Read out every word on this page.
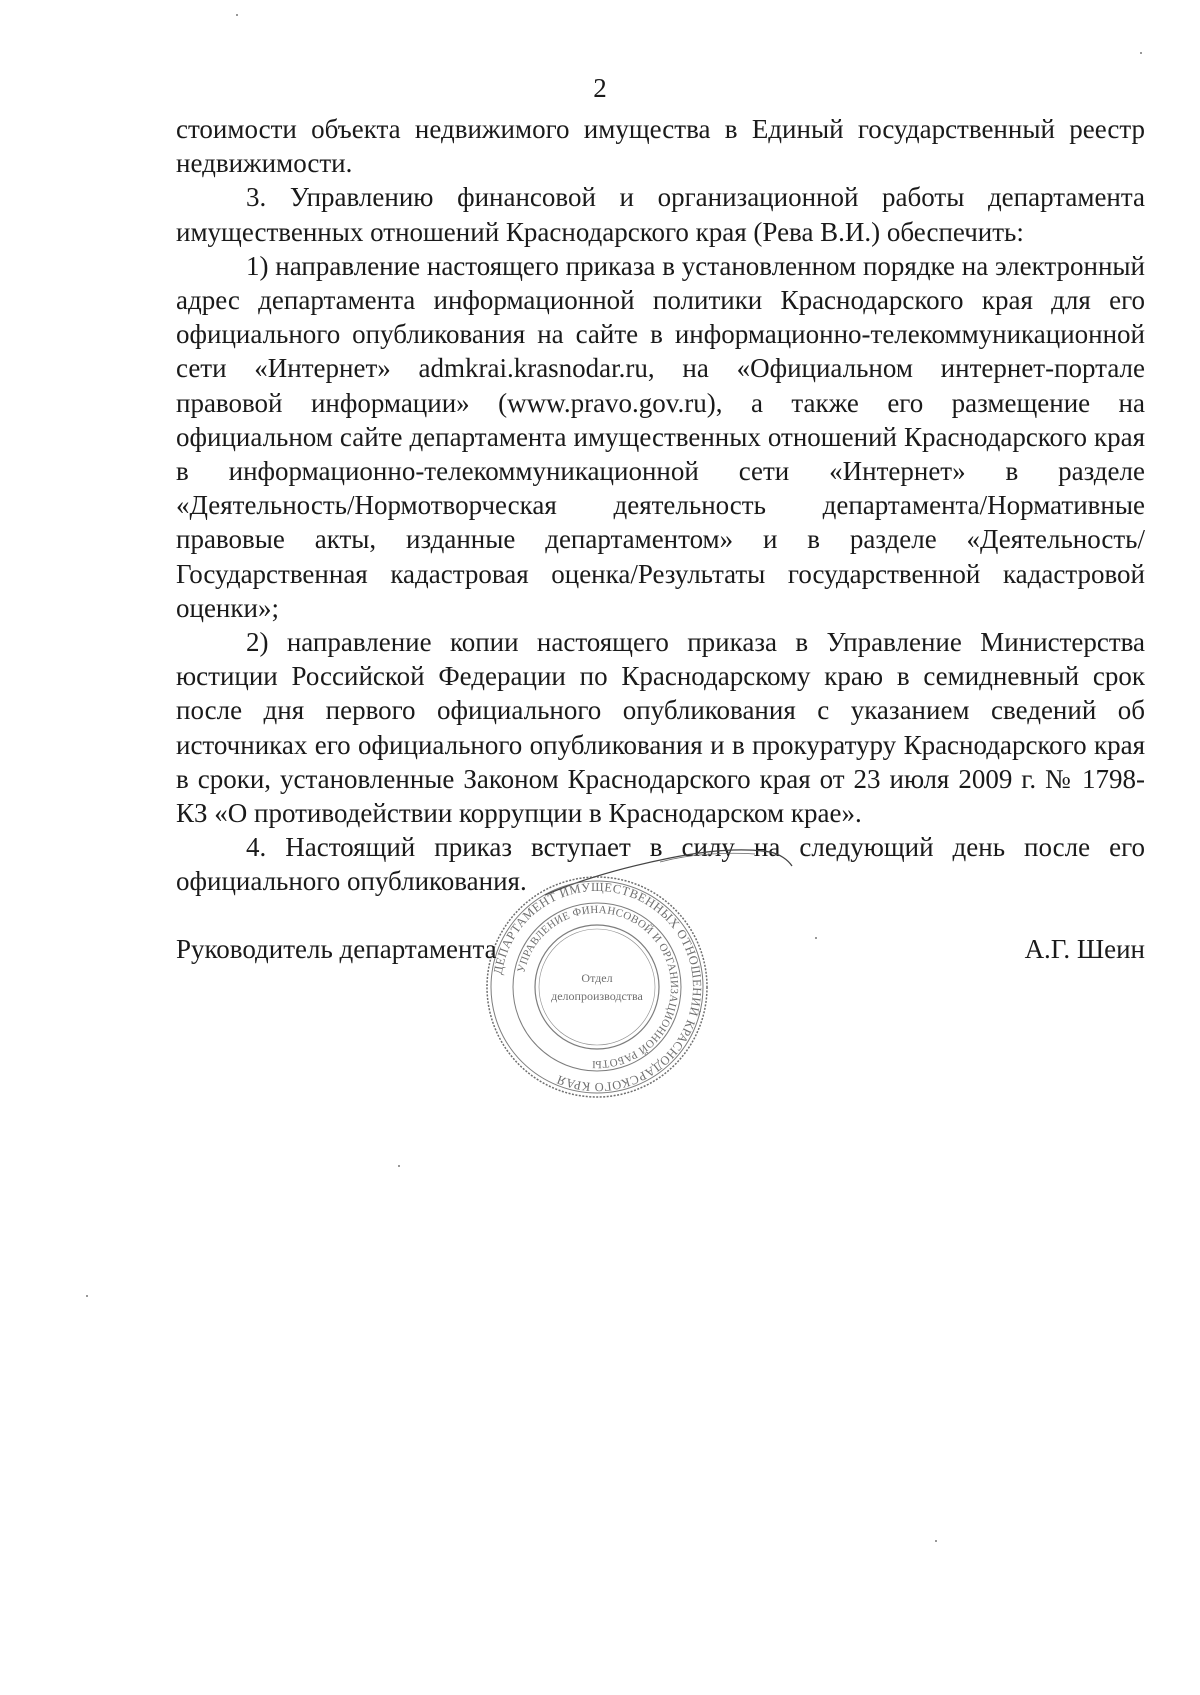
2

стоимости объекта недвижимого имущества в Единый государственный реестр недвижимости.

3. Управлению финансовой и организационной работы департамента имущественных отношений Краснодарского края (Рева В.И.) обеспечить:

1) направление настоящего приказа в установленном порядке на электронный адрес департамента информационной политики Краснодарского края для его официального опубликования на сайте в информационно-телекоммуникационной сети «Интернет» admkrai.krasnodar.ru, на «Официальном интернет-портале правовой информации» (www.pravo.gov.ru), а также его размещение на официальном сайте департамента имущественных отношений Краснодарского края в информационно-телекоммуникационной сети «Интернет» в разделе «Деятельность/Нормотворческая деятельность департамента/Нормативные правовые акты, изданные департаментом» и в разделе «Деятельность/Государственная кадастровая оценка/Результаты государственной кадастровой оценки»;

2) направление копии настоящего приказа в Управление Министерства юстиции Российской Федерации по Краснодарскому краю в семидневный срок после дня первого официального опубликования с указанием сведений об источниках его официального опубликования и в прокуратуру Краснодарского края в сроки, установленные Законом Краснодарского края от 23 июля 2009 г. № 1798-КЗ «О противодействии коррупции в Краснодарском крае».

4. Настоящий приказ вступает в силу на следующий день после его официального опубликования.

ДЕПАРТАМЕНТ ИМУЩЕСТВЕННЫХ ОТНОШЕНИЙ КРАСНОДАРСКОГО КРАЯ
УПРАВЛЕНИЕ ФИНАНСОВОЙ И ОРГАНИЗАЦИОННОЙ РАБОТЫ
Отдел
делопроизводства
Руководитель департамента	А.Г. Шеин
